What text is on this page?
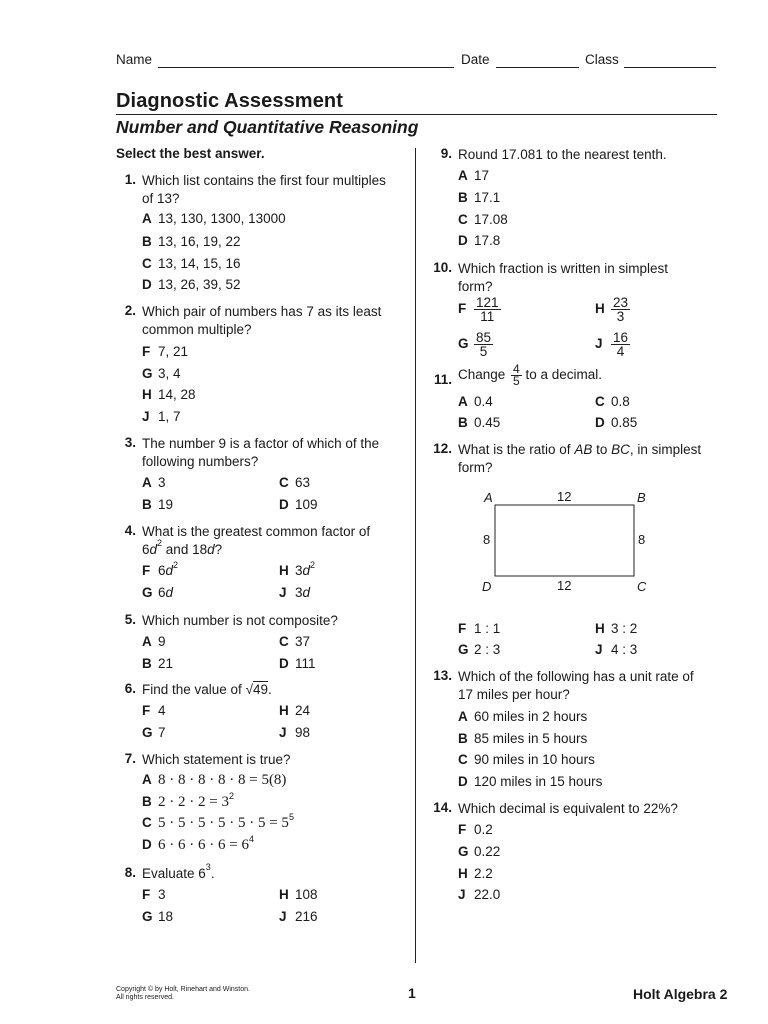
Name	Date	Class
Diagnostic Assessment
Number and Quantitative Reasoning
Select the best answer.
1. Which list contains the first four multiples
of 13?
A 13, 130, 1300, 13000
B 13, 16, 19, 22
C 13, 14, 15, 16
D 13, 26, 39, 52
2. Which pair of numbers has 7 as its least
common multiple?
F 7, 21
G 3, 4
H 14, 28
J 1, 7
3. The number 9 is a factor of which of the
following numbers?
A 3
B 19
C 63
D 109
4. What is the greatest common factor of
$6d^2$ and 18d?
F $6d^2$
G 6d
H $3d^2$
J 3d
5. Which number is not composite?
A 9
B 21
C 37
D 111
6. Find the value of √49.
F 4
G 7
H 24
J 98
7. Which statement is true?
A 8 · 8 · 8 · 8 · 8 = 5(8)
B $2 \cdot 2 \cdot 2 = 3^2$
C $5 \cdot 5 \cdot 5 \cdot 5 \cdot 5 \cdot 5 = 5^5$
D $6 \cdot 6 \cdot 6 \cdot 6 = 6^4$
8. Evaluate $6^3$.
F 3
G 18
H 108
J 216
9. Round 17.081 to the nearest tenth.
A 17
B 17.1
C 17.08
D 17.8
10. Which fraction is written in simplest
form?
F $\frac{121}{11}$
G $\frac{85}{5}$
H $\frac{23}{3}$
J $\frac{16}{4}$
11. Change $\frac{4}{5}$ to a decimal.
A 0.4
B 0.45
C 0.8
D 0.85
12. What is the ratio of AB to BC, in simplest
form?
A	B
C
D
12
12
8	8
F 1 : 1
G 2 : 3
H 3 : 2
J 4 : 3
13. Which of the following has a unit rate of
17 miles per hour?
A 60 miles in 2 hours
B 85 miles in 5 hours
C 90 miles in 10 hours
D 120 miles in 15 hours
14. Which decimal is equivalent to 22%?
F 0.2
G 0.22
H 2.2
J 22.0
Copyright © by Holt, Rinehart and Winston.
All rights reserved.	1	Holt Algebra 2
